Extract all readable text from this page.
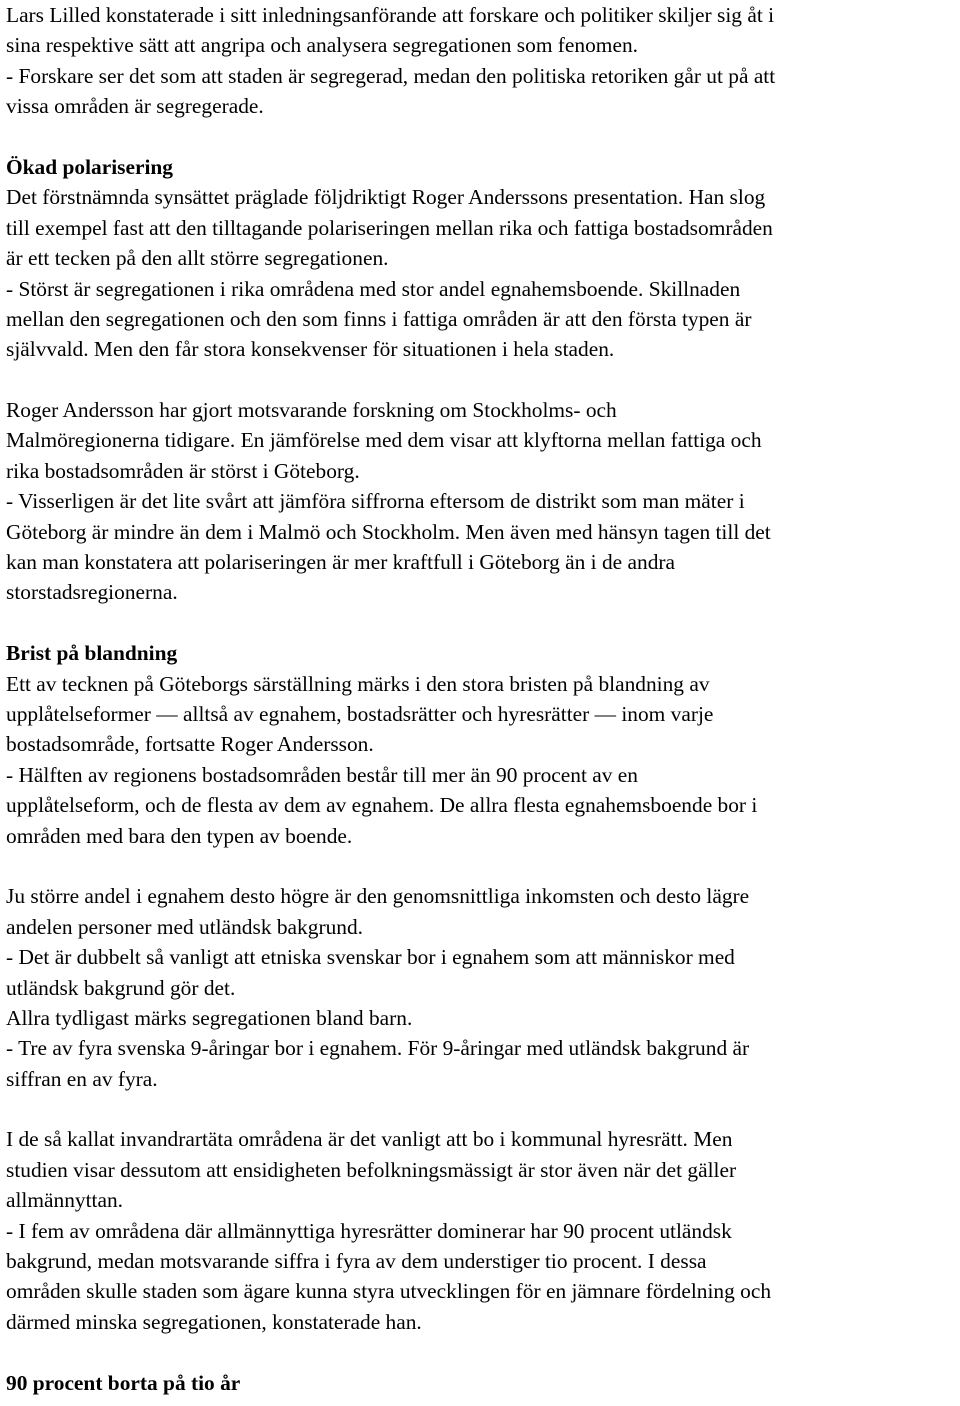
Lars Lilled konstaterade i sitt inledningsanförande att forskare och politiker skiljer sig åt i
sina respektive sätt att angripa och analysera segregationen som fenomen.
- Forskare ser det som att staden är segregerad, medan den politiska retoriken går ut på att
vissa områden är segregerade.
Ökad polarisering
Det förstnämnda synsättet präglade följdriktigt Roger Anderssons presentation. Han slog
till exempel fast att den tilltagande polariseringen mellan rika och fattiga bostadsområden
är ett tecken på den allt större segregationen.
- Störst är segregationen i rika områdena med stor andel egnahemsboende. Skillnaden
mellan den segregationen och den som finns i fattiga områden är att den första typen är
självvald. Men den får stora konsekvenser för situationen i hela staden.
Roger Andersson har gjort motsvarande forskning om Stockholms- och
Malmöregionerna tidigare. En jämförelse med dem visar att klyftorna mellan fattiga och
rika bostadsområden är störst i Göteborg.
- Visserligen är det lite svårt att jämföra siffrorna eftersom de distrikt som man mäter i
Göteborg är mindre än dem i Malmö och Stockholm. Men även med hänsyn tagen till det
kan man konstatera att polariseringen är mer kraftfull i Göteborg än i de andra
storstadsregionerna.
Brist på blandning
Ett av tecknen på Göteborgs särställning märks i den stora bristen på blandning av
upplåtelseformer — alltså av egnahem, bostadsrätter och hyresrätter — inom varje
bostadsområde, fortsatte Roger Andersson.
- Hälften av regionens bostadsområden består till mer än 90 procent av en
upplåtelseform, och de flesta av dem av egnahem. De allra flesta egnahemsboende bor i
områden med bara den typen av boende.
Ju större andel i egnahem desto högre är den genomsnittliga inkomsten och desto lägre
andelen personer med utländsk bakgrund.
- Det är dubbelt så vanligt att etniska svenskar bor i egnahem som att människor med
utländsk bakgrund gör det.
Allra tydligast märks segregationen bland barn.
- Tre av fyra svenska 9-åringar bor i egnahem. För 9-åringar med utländsk bakgrund är
siffran en av fyra.
I de så kallat invandrartäta områdena är det vanligt att bo i kommunal hyresrätt. Men
studien visar dessutom att ensidigheten befolkningsmässigt är stor även när det gäller
allmännyttan.
- I fem av områdena där allmännyttiga hyresrätter dominerar har 90 procent utländsk
bakgrund, medan motsvarande siffra i fyra av dem understiger tio procent. I dessa
områden skulle staden som ägare kunna styra utvecklingen för en jämnare fördelning och
därmed minska segregationen, konstaterade han.
90 procent borta på tio år
